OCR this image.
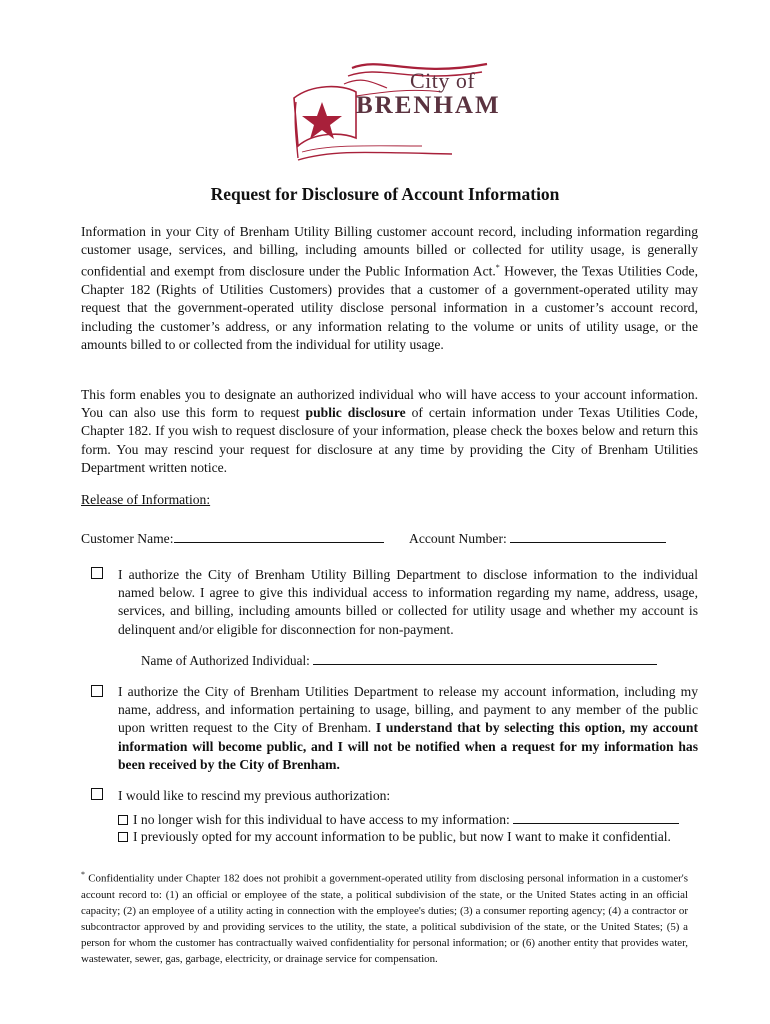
City of
BRENHAM
Request for Disclosure of Account Information

Information in your City of Brenham Utility Billing customer account record, including information regarding customer usage, services, and billing, including amounts billed or collected for utility usage, is generally confidential and exempt from disclosure under the Public Information Act.* However, the Texas Utilities Code, Chapter 182 (Rights of Utilities Customers) provides that a customer of a government-operated utility may request that the government-operated utility disclose personal information in a customer’s account record, including the customer’s address, or any information relating to the volume or units of utility usage, or the amounts billed to or collected from the individual for utility usage.

This form enables you to designate an authorized individual who will have access to your account information. You can also use this form to request public disclosure of certain information under Texas Utilities Code, Chapter 182. If you wish to request disclosure of your information, please check the boxes below and return this form. You may rescind your request for disclosure at any time by providing the City of Brenham Utilities Department written notice.

Release of Information:
Customer Name:	Account Number:

I authorize the City of Brenham Utility Billing Department to disclose information to the individual named below. I agree to give this individual access to information regarding my name, address, usage, services, and billing, including amounts billed or collected for utility usage and whether my account is delinquent and/or eligible for disconnection for non-payment.

Name of Authorized Individual:

I authorize the City of Brenham Utilities Department to release my account information, including my name, address, and information pertaining to usage, billing, and payment to any member of the public upon written request to the City of Brenham. I understand that by selecting this option, my account information will become public, and I will not be notified when a request for my information has been received by the City of Brenham.

I would like to rescind my previous authorization:

I no longer wish for this individual to have access to my information:
I previously opted for my account information to be public, but now I want to make it confidential.

* Confidentiality under Chapter 182 does not prohibit a government-operated utility from disclosing personal information in a customer's account record to: (1) an official or employee of the state, a political subdivision of the state, or the United States acting in an official capacity; (2) an employee of a utility acting in connection with the employee's duties; (3) a consumer reporting agency; (4) a contractor or subcontractor approved by and providing services to the utility, the state, a political subdivision of the state, or the United States; (5) a person for whom the customer has contractually waived confidentiality for personal information; or (6) another entity that provides water, wastewater, sewer, gas, garbage, electricity, or drainage service for compensation.
